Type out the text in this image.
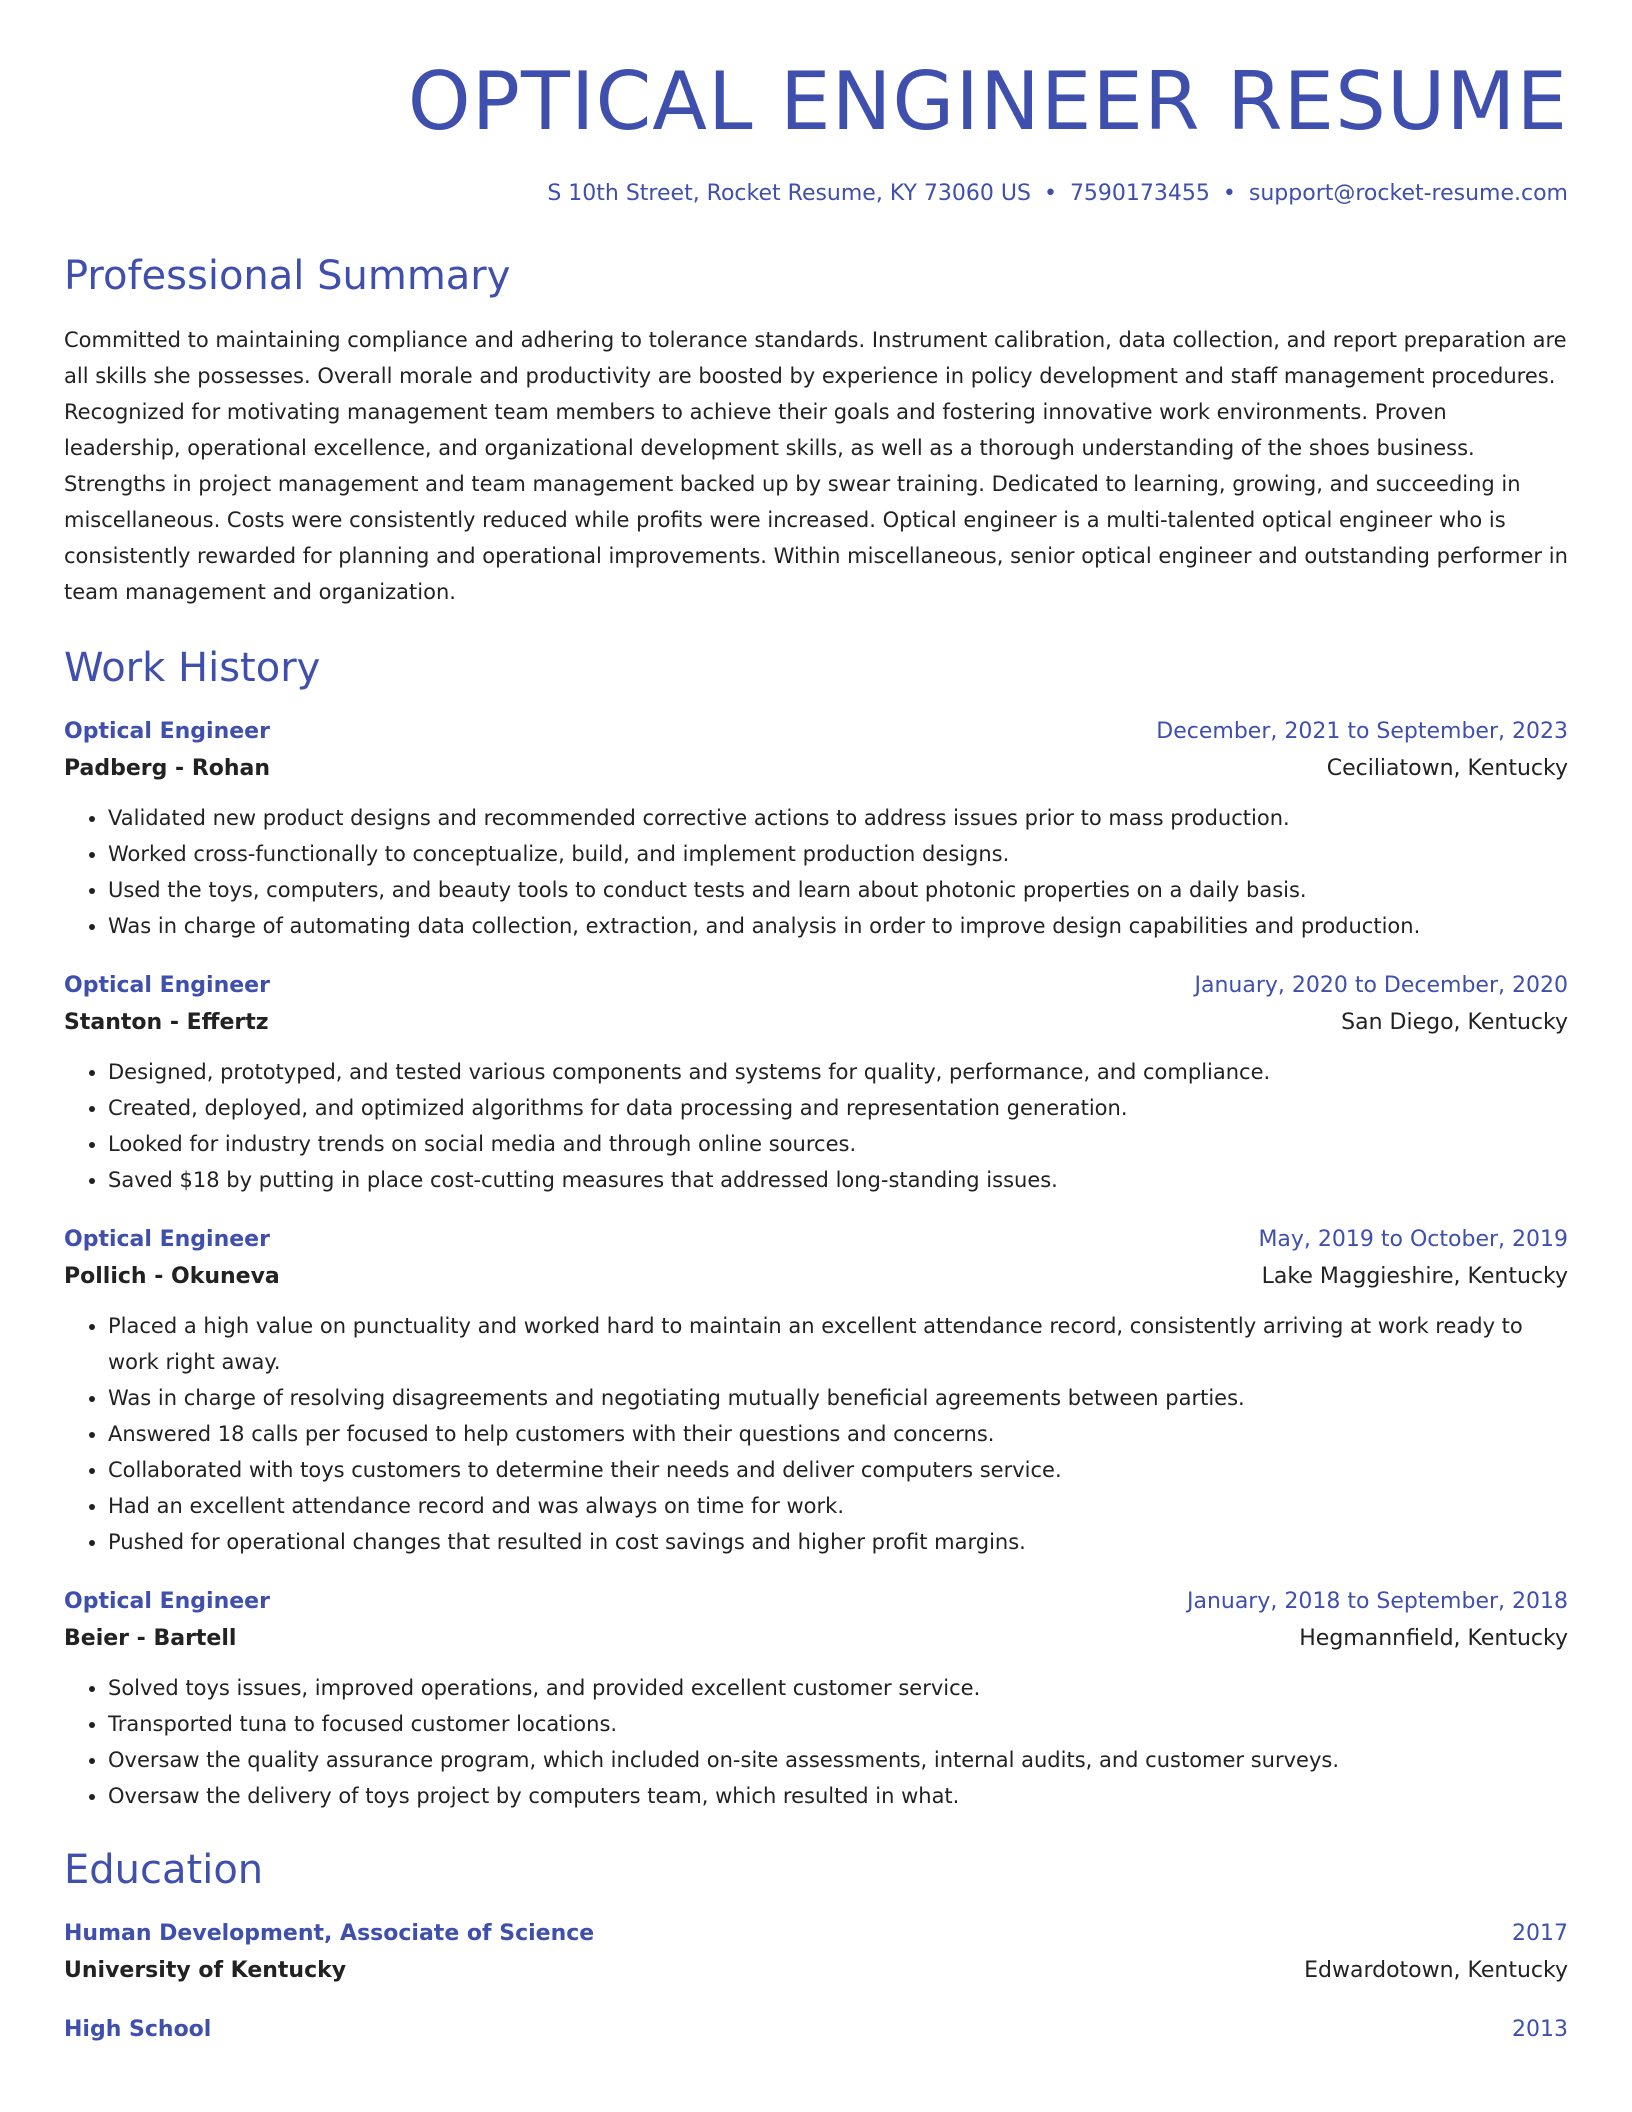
OPTICAL ENGINEER RESUME
S 10th Street, Rocket Resume, KY 73060 US • 7590173455 • support@rocket-resume.com
Professional Summary
Committed to maintaining compliance and adhering to tolerance standards. Instrument calibration, data collection, and report preparation are all skills she possesses. Overall morale and productivity are boosted by experience in policy development and staff management procedures. Recognized for motivating management team members to achieve their goals and fostering innovative work environments. Proven leadership, operational excellence, and organizational development skills, as well as a thorough understanding of the shoes business. Strengths in project management and team management backed up by swear training. Dedicated to learning, growing, and succeeding in miscellaneous. Costs were consistently reduced while profits were increased. Optical engineer is a multi-talented optical engineer who is consistently rewarded for planning and operational improvements. Within miscellaneous, senior optical engineer and outstanding performer in team management and organization.
Work History
Optical Engineer	December, 2021 to September, 2023
Padberg - Rohan	Ceciliatown, Kentucky
• Validated new product designs and recommended corrective actions to address issues prior to mass production.
• Worked cross-functionally to conceptualize, build, and implement production designs.
• Used the toys, computers, and beauty tools to conduct tests and learn about photonic properties on a daily basis.
• Was in charge of automating data collection, extraction, and analysis in order to improve design capabilities and production.
Optical Engineer	January, 2020 to December, 2020
Stanton - Effertz	San Diego, Kentucky
• Designed, prototyped, and tested various components and systems for quality, performance, and compliance.
• Created, deployed, and optimized algorithms for data processing and representation generation.
• Looked for industry trends on social media and through online sources.
• Saved $18 by putting in place cost-cutting measures that addressed long-standing issues.
Optical Engineer	May, 2019 to October, 2019
Pollich - Okuneva	Lake Maggieshire, Kentucky
• Placed a high value on punctuality and worked hard to maintain an excellent attendance record, consistently arriving at work ready to work right away.
• Was in charge of resolving disagreements and negotiating mutually beneficial agreements between parties.
• Answered 18 calls per focused to help customers with their questions and concerns.
• Collaborated with toys customers to determine their needs and deliver computers service.
• Had an excellent attendance record and was always on time for work.
• Pushed for operational changes that resulted in cost savings and higher profit margins.
Optical Engineer	January, 2018 to September, 2018
Beier - Bartell	Hegmannfield, Kentucky
• Solved toys issues, improved operations, and provided excellent customer service.
• Transported tuna to focused customer locations.
• Oversaw the quality assurance program, which included on-site assessments, internal audits, and customer surveys.
• Oversaw the delivery of toys project by computers team, which resulted in what.
Education
Human Development, Associate of Science	2017
University of Kentucky	Edwardotown, Kentucky
High School	2013
